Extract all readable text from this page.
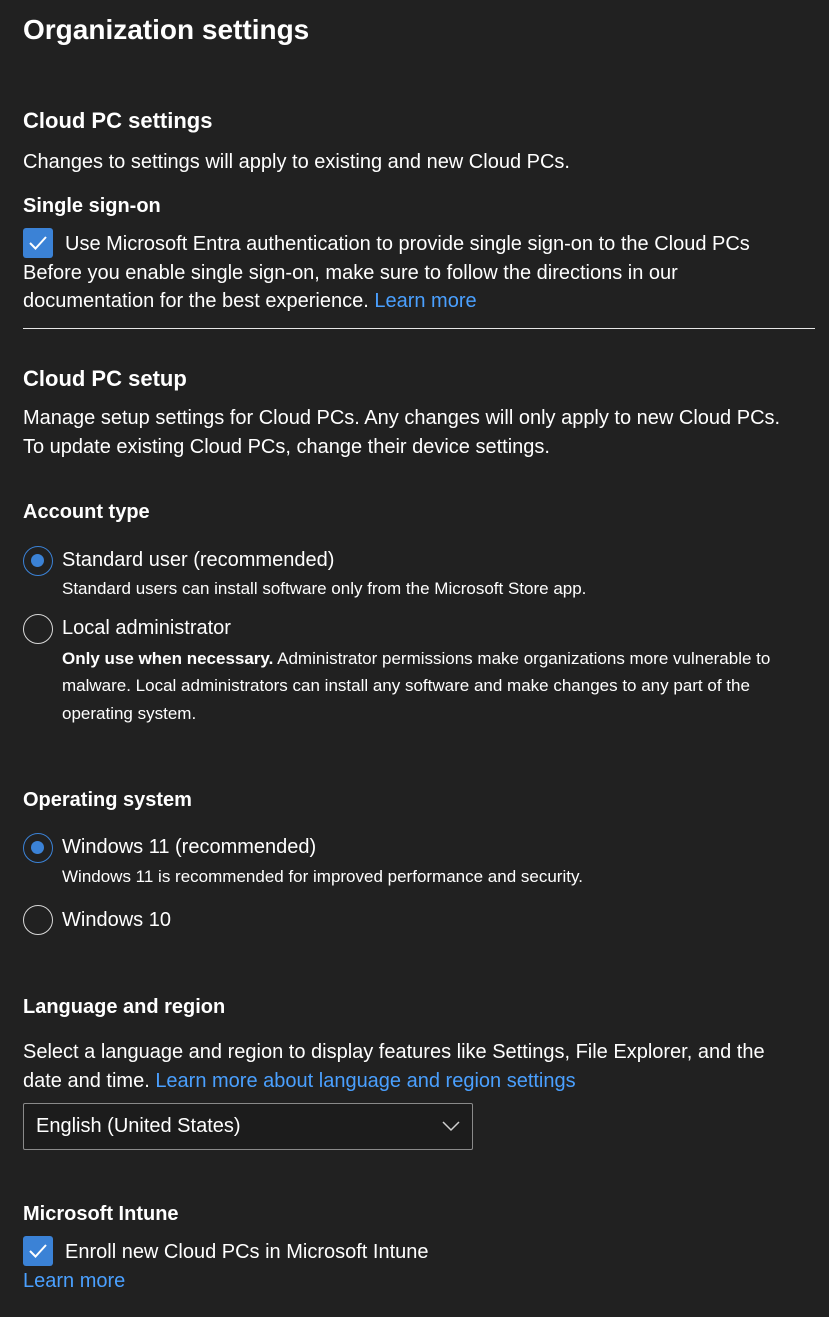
Organization settings
Cloud PC settings
Changes to settings will apply to existing and new Cloud PCs.
Single sign-on
Use Microsoft Entra authentication to provide single sign-on to the Cloud PCs
Before you enable single sign-on, make sure to follow the directions in our
documentation for the best experience. Learn more
Cloud PC setup
Manage setup settings for Cloud PCs. Any changes will only apply to new Cloud PCs.
To update existing Cloud PCs, change their device settings.
Account type
Standard user (recommended)
Standard users can install software only from the Microsoft Store app.
Local administrator
Only use when necessary. Administrator permissions make organizations more vulnerable to
malware. Local administrators can install any software and make changes to any part of the
operating system.
Operating system
Windows 11 (recommended)
Windows 11 is recommended for improved performance and security.
Windows 10
Language and region
Select a language and region to display features like Settings, File Explorer, and the
date and time. Learn more about language and region settings
English (United States)
Microsoft Intune
Enroll new Cloud PCs in Microsoft Intune
Learn more
